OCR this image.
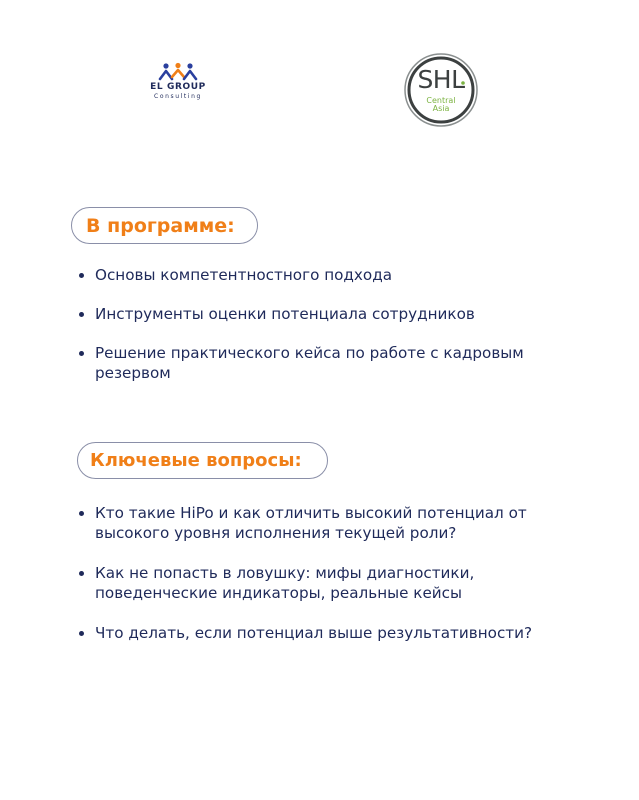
EL GROUP
Consulting
SHL
Central
Asia
В программе:
Основы компетентностного подхода
Инструменты оценки потенциала сотрудников
Решение практического кейса по работе с кадровым резервом
Ключевые вопросы:
Кто такие HiPo и как отличить высокий потенциал от высокого уровня исполнения текущей роли?
Как не попасть в ловушку: мифы диагностики, поведенческие индикаторы, реальные кейсы
Что делать, если потенциал выше результативности?
